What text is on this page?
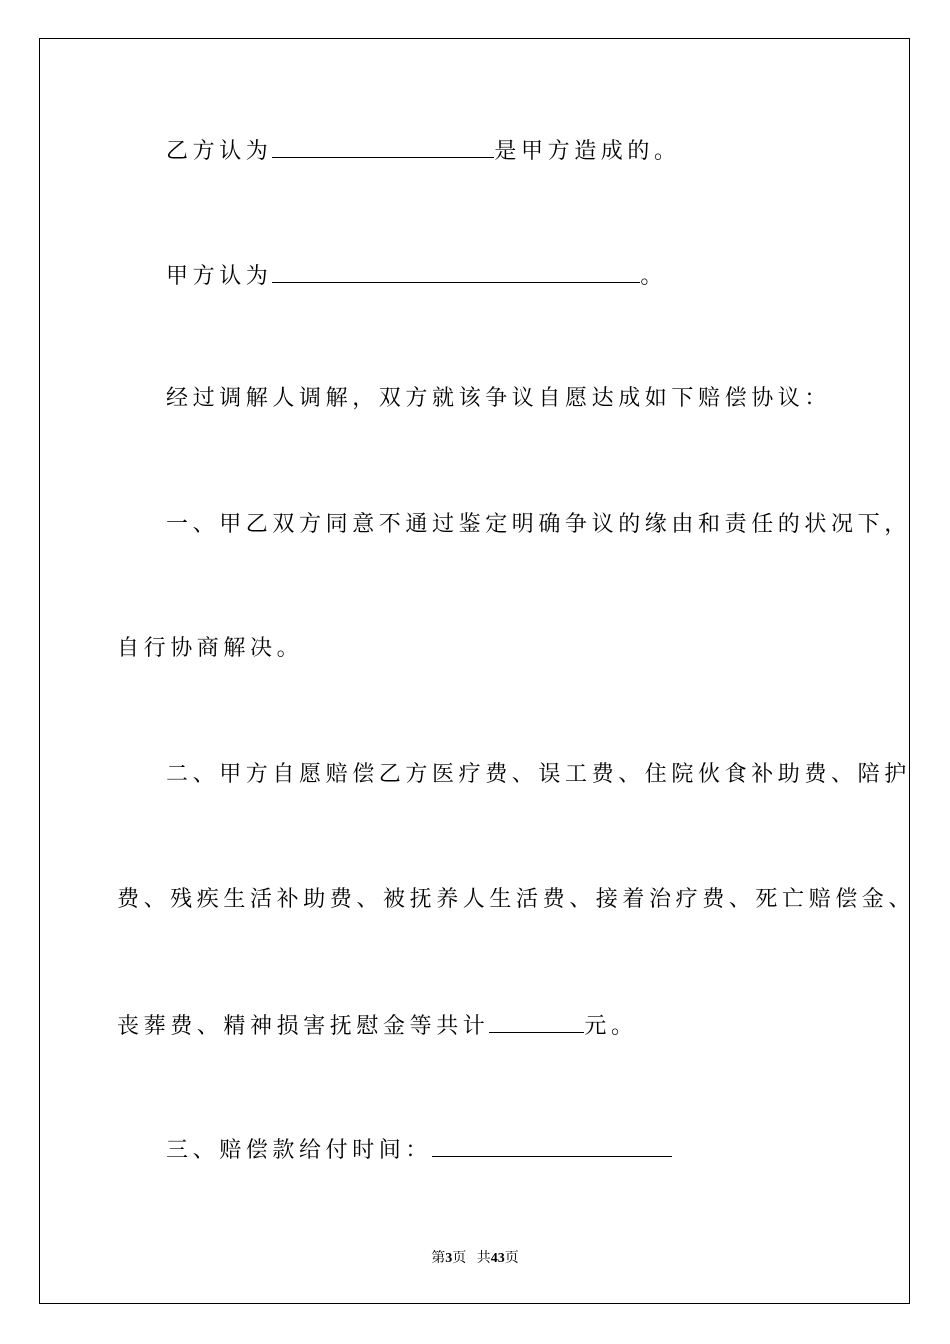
乙方认为	是甲方造成的。
甲方认为	。
经过调解人调解，双方就该争议自愿达成如下赔偿协议：
一、甲乙双方同意不通过鉴定明确争议的缘由和责任的状况下，
自行协商解决。
二、甲方自愿赔偿乙方医疗费、误工费、住院伙食补助费、陪护
费、残疾生活补助费、被抚养人生活费、接着治疗费、死亡赔偿金、
丧葬费、精神损害抚慰金等共计	元。
三、赔偿款给付时间：
第3页 共43页
